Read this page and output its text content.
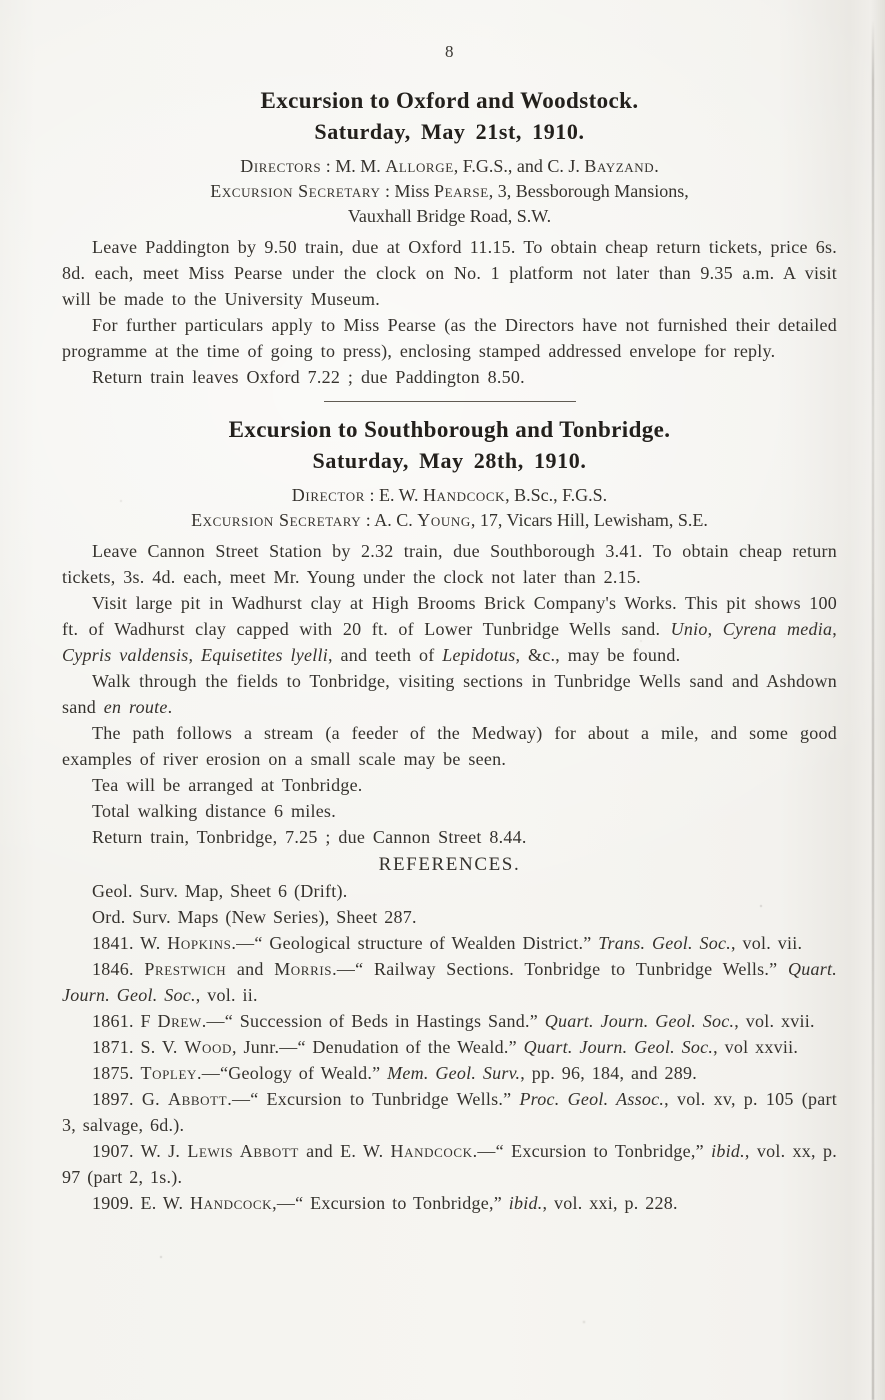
8
Excursion to Oxford and Woodstock.
Saturday, May 21st, 1910.

Directors : M. M. Allorge, F.G.S., and C. J. Bayzand.

Excursion Secretary : Miss Pearse, 3, Bessborough Mansions,

Vauxhall Bridge Road, S.W.

Leave Paddington by 9.50 train, due at Oxford 11.15. To obtain cheap return tickets, price 6s. 8d. each, meet Miss Pearse under the clock on No. 1 platform not later than 9.35 a.m. A visit will be made to the University Museum.

For further particulars apply to Miss Pearse (as the Directors have not furnished their detailed programme at the time of going to press), enclosing stamped addressed envelope for reply.

Return train leaves Oxford 7.22 ; due Paddington 8.50.

Excursion to Southborough and Tonbridge.
Saturday, May 28th, 1910.

Director : E. W. Handcock, B.Sc., F.G.S.

Excursion Secretary : A. C. Young, 17, Vicars Hill, Lewisham, S.E.

Leave Cannon Street Station by 2.32 train, due Southborough 3.41. To obtain cheap return tickets, 3s. 4d. each, meet Mr. Young under the clock not later than 2.15.

Visit large pit in Wadhurst clay at High Brooms Brick Company's Works. This pit shows 100 ft. of Wadhurst clay capped with 20 ft. of Lower Tunbridge Wells sand. Unio, Cyrena media, Cypris valdensis, Equisetites lyelli, and teeth of Lepidotus, &c., may be found.

Walk through the fields to Tonbridge, visiting sections in Tunbridge Wells sand and Ashdown sand en route.

The path follows a stream (a feeder of the Medway) for about a mile, and some good examples of river erosion on a small scale may be seen.

Tea will be arranged at Tonbridge.

Total walking distance 6 miles.

Return train, Tonbridge, 7.25 ; due Cannon Street 8.44.

REFERENCES.

Geol. Surv. Map, Sheet 6 (Drift).

Ord. Surv. Maps (New Series), Sheet 287.

1841. W. Hopkins.—“ Geological structure of Wealden District.” Trans. Geol. Soc., vol. vii.

1846. Prestwich and Morris.—“ Railway Sections. Tonbridge to Tunbridge Wells.” Quart. Journ. Geol. Soc., vol. ii.

1861. F Drew.—“ Succession of Beds in Hastings Sand.” Quart. Journ. Geol. Soc., vol. xvii.

1871. S. V. Wood, Junr.—“ Denudation of the Weald.” Quart. Journ. Geol. Soc., vol xxvii.

1875. Topley.—“Geology of Weald.” Mem. Geol. Surv., pp. 96, 184, and 289.

1897. G. Abbott.—“ Excursion to Tunbridge Wells.” Proc. Geol. Assoc., vol. xv, p. 105 (part 3, salvage, 6d.).

1907. W. J. Lewis Abbott and E. W. Handcock.—“ Excursion to Tonbridge,” ibid., vol. xx, p. 97 (part 2, 1s.).

1909. E. W. Handcock,—“ Excursion to Tonbridge,” ibid., vol. xxi, p. 228.
